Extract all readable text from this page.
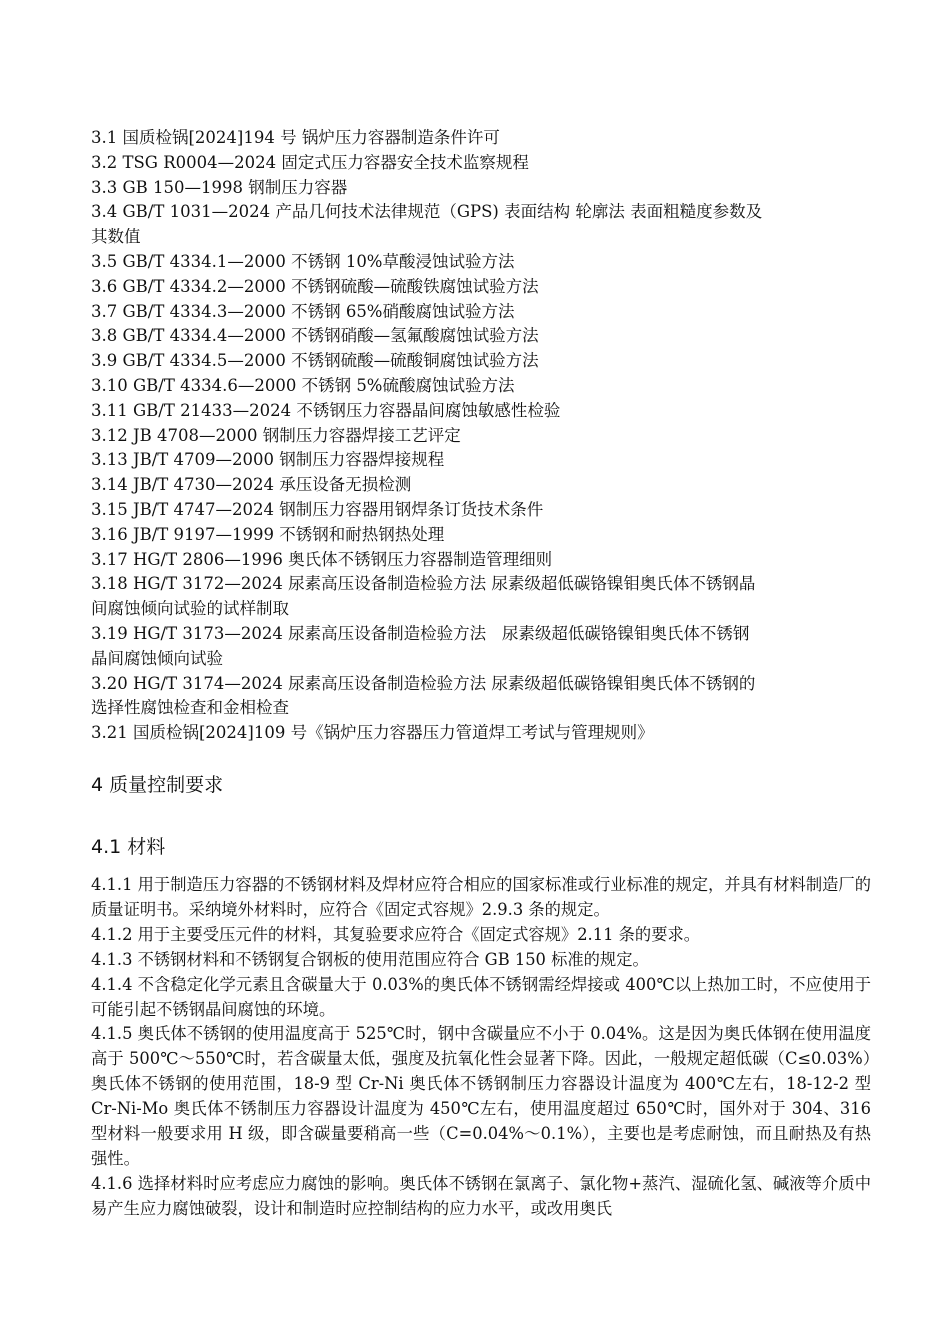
3.1 国质检锅[2024]194 号 锅炉压力容器制造条件许可

3.2 TSG R0004—2024 固定式压力容器安全技术监察规程

3.3 GB 150—1998 钢制压力容器

3.4 GB/T 1031—2024 产品几何技术法律规范（GPS) 表面结构 轮廓法 表面粗糙度参数及

其数值

3.5 GB/T 4334.1—2000 不锈钢 10%草酸浸蚀试验方法

3.6 GB/T 4334.2—2000 不锈钢硫酸—硫酸铁腐蚀试验方法

3.7 GB/T 4334.3—2000 不锈钢 65%硝酸腐蚀试验方法

3.8 GB/T 4334.4—2000 不锈钢硝酸—氢氟酸腐蚀试验方法

3.9 GB/T 4334.5—2000 不锈钢硫酸—硫酸铜腐蚀试验方法

3.10 GB/T 4334.6—2000 不锈钢 5%硫酸腐蚀试验方法

3.11 GB/T 21433—2024 不锈钢压力容器晶间腐蚀敏感性检验

3.12 JB 4708—2000 钢制压力容器焊接工艺评定

3.13 JB/T 4709—2000 钢制压力容器焊接规程

3.14 JB/T 4730—2024 承压设备无损检测

3.15 JB/T 4747—2024 钢制压力容器用钢焊条订货技术条件

3.16 JB/T 9197—1999 不锈钢和耐热钢热处理

3.17 HG/T 2806—1996 奥氏体不锈钢压力容器制造管理细则

3.18 HG/T 3172—2024 尿素高压设备制造检验方法 尿素级超低碳铬镍钼奥氏体不锈钢晶

间腐蚀倾向试验的试样制取

3.19 HG/T 3173—2024 尿素高压设备制造检验方法   尿素级超低碳铬镍钼奥氏体不锈钢

晶间腐蚀倾向试验

3.20 HG/T 3174—2024 尿素高压设备制造检验方法 尿素级超低碳铬镍钼奥氏体不锈钢的

选择性腐蚀检查和金相检查

3.21 国质检锅[2024]109 号《锅炉压力容器压力管道焊工考试与管理规则》

4 质量控制要求
4.1 材料

4.1.1 用于制造压力容器的不锈钢材料及焊材应符合相应的国家标准或行业标准的规定，并具有材料制造厂的质量证明书。采纳境外材料时，应符合《固定式容规》2.9.3 条的规定。

4.1.2 用于主要受压元件的材料，其复验要求应符合《固定式容规》2.11 条的要求。

4.1.3 不锈钢材料和不锈钢复合钢板的使用范围应符合 GB 150 标准的规定。

4.1.4 不含稳定化学元素且含碳量大于 0.03%的奥氏体不锈钢需经焊接或 400℃以上热加工时，不应使用于可能引起不锈钢晶间腐蚀的环境。

4.1.5 奥氏体不锈钢的使用温度高于 525℃时，钢中含碳量应不小于 0.04%。这是因为奥氏体钢在使用温度高于 500℃～550℃时，若含碳量太低，强度及抗氧化性会显著下降。因此，一般规定超低碳（C≤0.03%）奥氏体不锈钢的使用范围，18-9 型 Cr-Ni 奥氏体不锈钢制压力容器设计温度为 400℃左右，18-12-2 型 Cr-Ni-Mo 奥氏体不锈制压力容器设计温度为 450℃左右，使用温度超过 650℃时，国外对于 304、316 型材料一般要求用 H 级，即含碳量要稍高一些（C=0.04%～0.1%），主要也是考虑耐蚀，而且耐热及有热强性。

4.1.6 选择材料时应考虑应力腐蚀的影响。奥氏体不锈钢在氯离子、氯化物+蒸汽、湿硫化氢、碱液等介质中易产生应力腐蚀破裂，设计和制造时应控制结构的应力水平，或改用奥氏
